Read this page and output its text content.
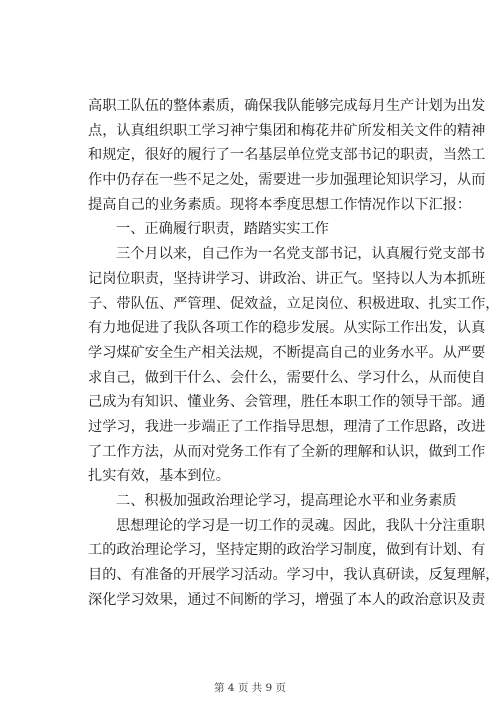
高职工队伍的整体素质，确保我队能够完成每月生产计划为出发
点，认真组织职工学习神宁集团和梅花井矿所发相关文件的精神
和规定，很好的履行了一名基层单位党支部书记的职责，当然工
作中仍存在一些不足之处，需要进一步加强理论知识学习，从而
提高自己的业务素质。现将本季度思想工作情况作以下汇报：
一、正确履行职责，踏踏实实工作
三个月以来，自己作为一名党支部书记，认真履行党支部书
记岗位职责，坚持讲学习、讲政治、讲正气。坚持以人为本抓班
子、带队伍、严管理、促效益，立足岗位、积极进取、扎实工作，
有力地促进了我队各项工作的稳步发展。从实际工作出发，认真
学习煤矿安全生产相关法规，不断提高自己的业务水平。从严要
求自己，做到干什么、会什么，需要什么、学习什么，从而使自
己成为有知识、懂业务、会管理，胜任本职工作的领导干部。通
过学习，我进一步端正了工作指导思想，理清了工作思路，改进
了工作方法，从而对党务工作有了全新的理解和认识，做到工作
扎实有效，基本到位。
二、积极加强政治理论学习，提高理论水平和业务素质
思想理论的学习是一切工作的灵魂。因此，我队十分注重职
工的政治理论学习，坚持定期的政治学习制度，做到有计划、有
目的、有准备的开展学习活动。学习中，我认真研读，反复理解，
深化学习效果，通过不间断的学习，增强了本人的政治意识及责
第 4 页 共 9 页
